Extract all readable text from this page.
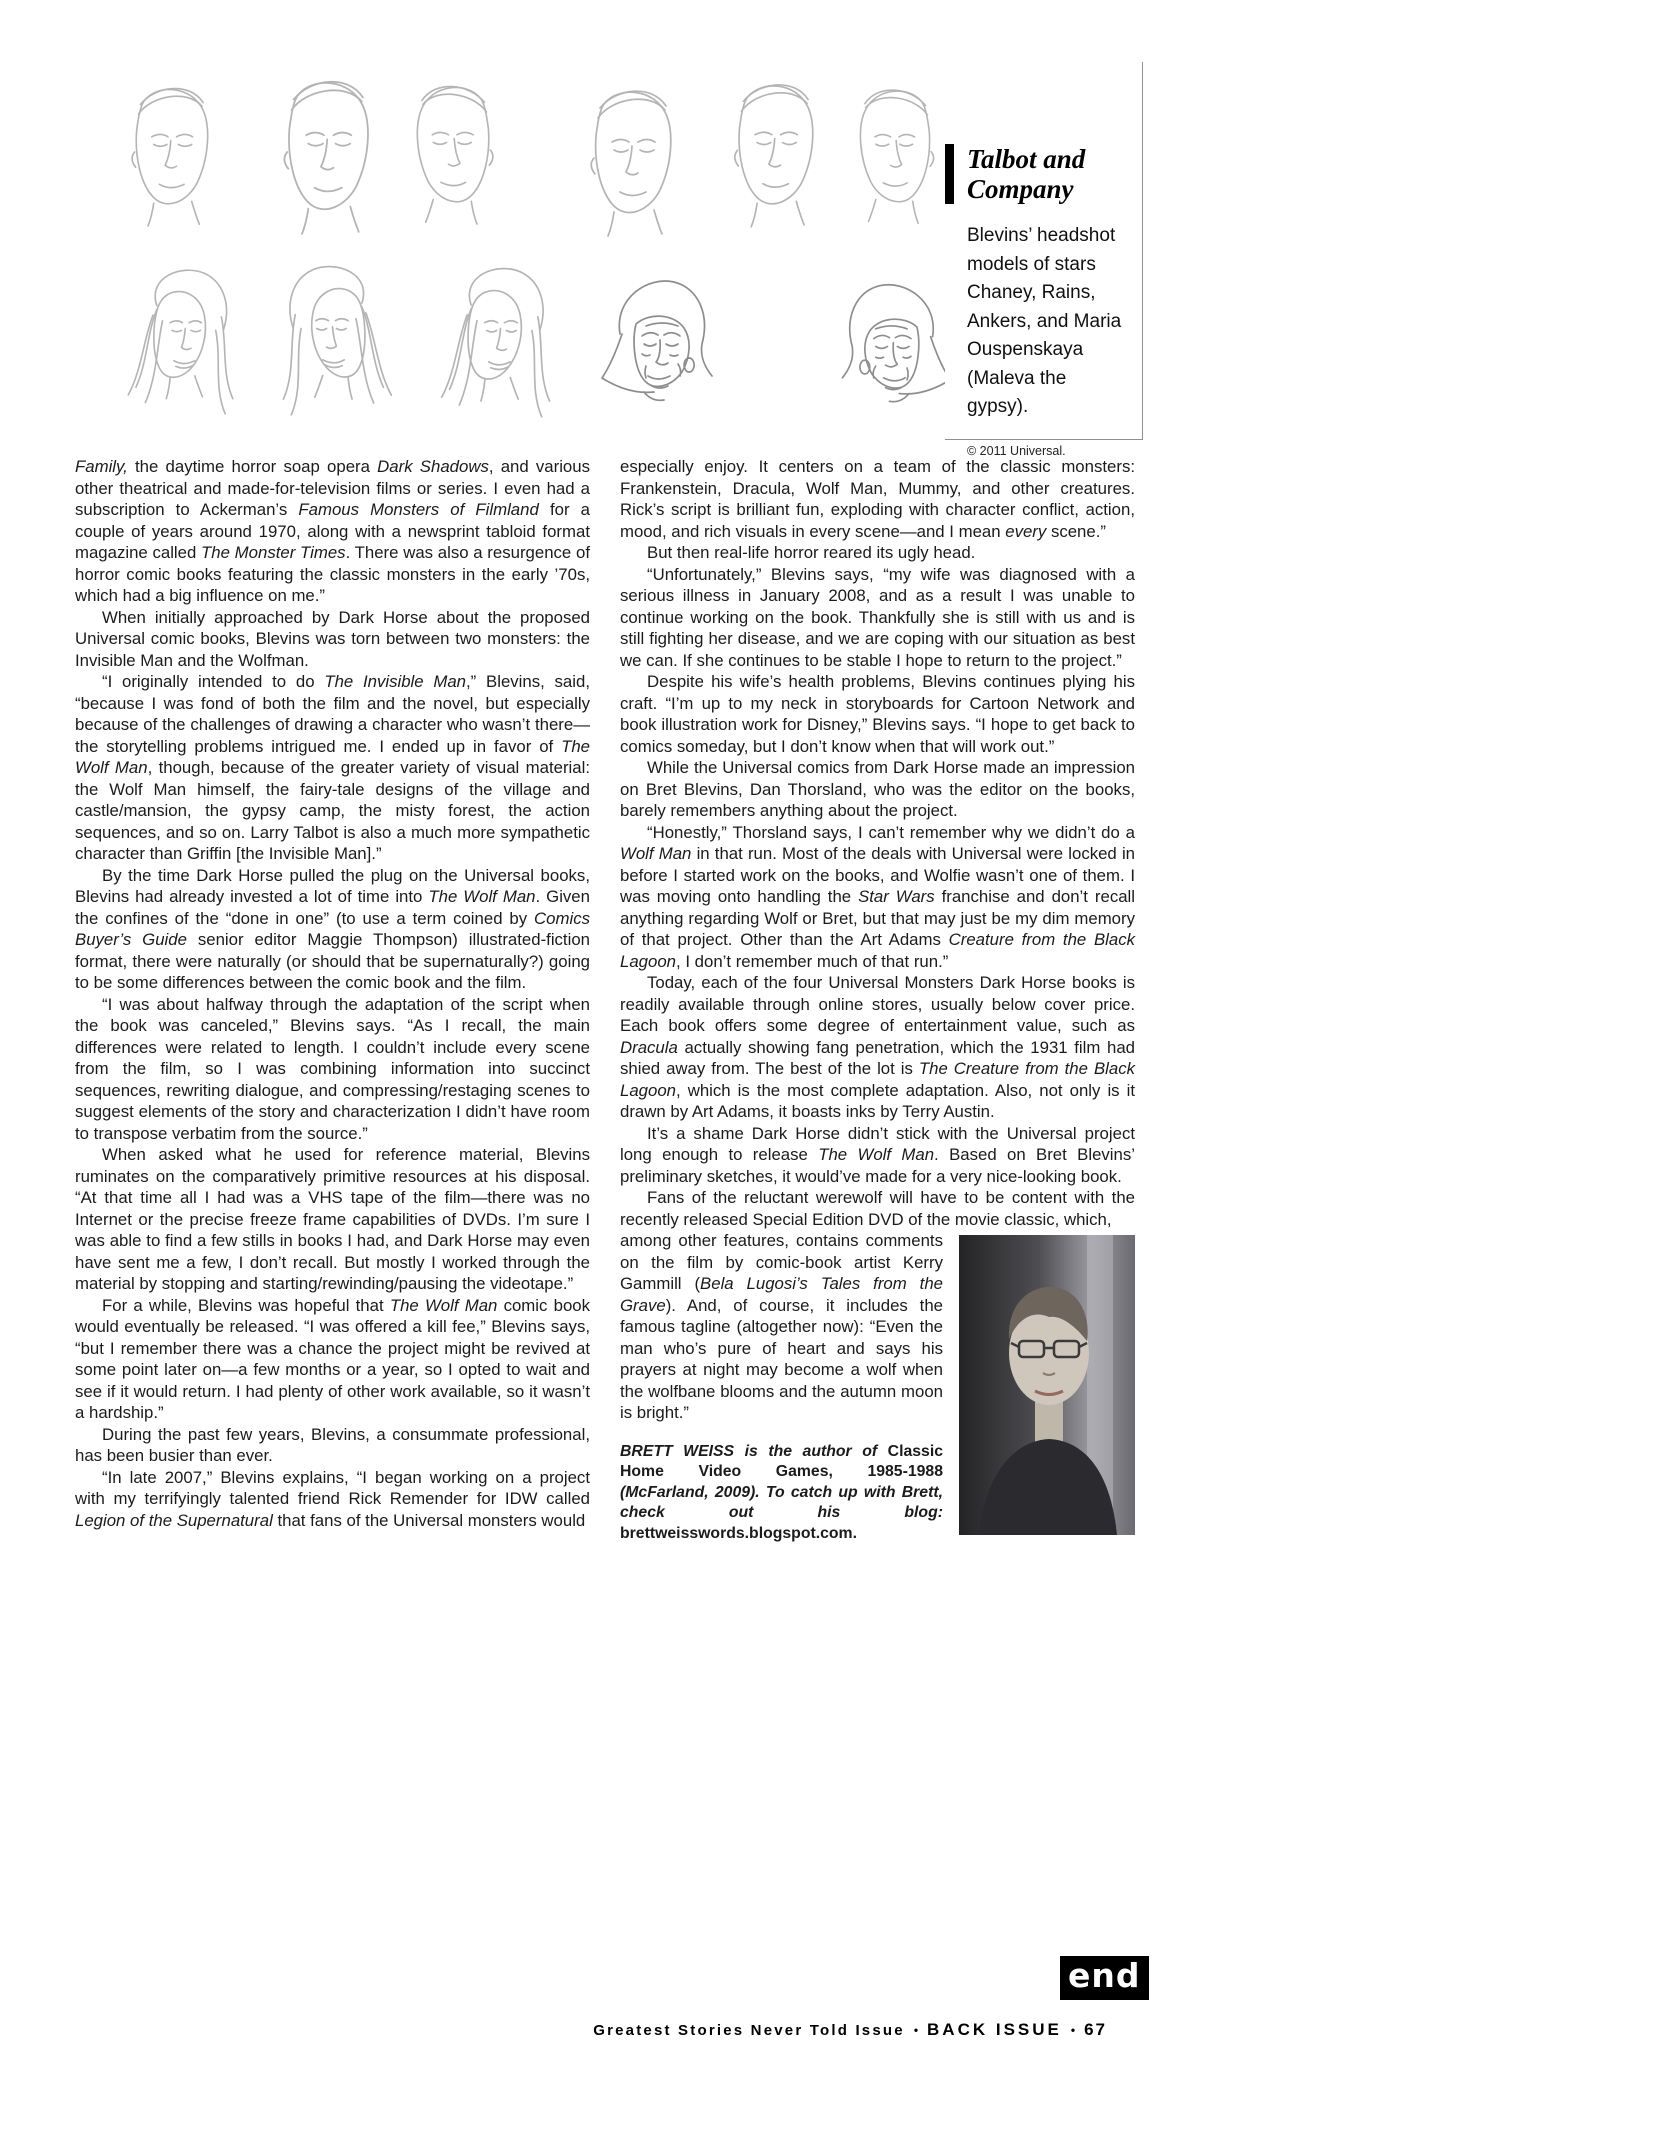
Talbot and Company

Blevins’ headshot models of stars Chaney, Rains, Ankers, and Maria Ouspenskaya (Maleva the gypsy).

© 2011 Universal.

Family, the daytime horror soap opera Dark Shadows, and various other theatrical and made-for-television films or series. I even had a subscription to Ackerman’s Famous Monsters of Filmland for a couple of years around 1970, along with a newsprint tabloid format magazine called The Monster Times. There was also a resurgence of horror comic books featuring the classic monsters in the early ’70s, which had a big influence on me.”

When initially approached by Dark Horse about the proposed Universal comic books, Blevins was torn between two monsters: the Invisible Man and the Wolfman.

“I originally intended to do The Invisible Man,” Blevins, said, “because I was fond of both the film and the novel, but especially because of the challenges of drawing a character who wasn’t there—the storytelling problems intrigued me. I ended up in favor of The Wolf Man, though, because of the greater variety of visual material: the Wolf Man himself, the fairy-tale designs of the village and castle/mansion, the gypsy camp, the misty forest, the action sequences, and so on. Larry Talbot is also a much more sympathetic character than Griffin [the Invisible Man].”

By the time Dark Horse pulled the plug on the Universal books, Blevins had already invested a lot of time into The Wolf Man. Given the confines of the “done in one” (to use a term coined by Comics Buyer’s Guide senior editor Maggie Thompson) illustrated-fiction format, there were naturally (or should that be supernaturally?) going to be some differences between the comic book and the film.

“I was about halfway through the adaptation of the script when the book was canceled,” Blevins says. “As I recall, the main differences were related to length. I couldn’t include every scene from the film, so I was combining information into succinct sequences, rewriting dialogue, and compressing/restaging scenes to suggest elements of the story and characterization I didn’t have room to transpose verbatim from the source.”

When asked what he used for reference material, Blevins ruminates on the comparatively primitive resources at his disposal. “At that time all I had was a VHS tape of the film—there was no Internet or the precise freeze frame capabilities of DVDs. I’m sure I was able to find a few stills in books I had, and Dark Horse may even have sent me a few, I don’t recall. But mostly I worked through the material by stopping and starting/rewinding/pausing the videotape.”

For a while, Blevins was hopeful that The Wolf Man comic book would eventually be released. “I was offered a kill fee,” Blevins says, “but I remember there was a chance the project might be revived at some point later on—a few months or a year, so I opted to wait and see if it would return. I had plenty of other work available, so it wasn’t a hardship.”

During the past few years, Blevins, a consummate professional, has been busier than ever.

“In late 2007,” Blevins explains, “I began working on a project with my terrifyingly talented friend Rick Remender for IDW called Legion of the Supernatural that fans of the Universal monsters would

especially enjoy. It centers on a team of the classic monsters: Frankenstein, Dracula, Wolf Man, Mummy, and other creatures. Rick’s script is brilliant fun, exploding with character conflict, action, mood, and rich visuals in every scene—and I mean every scene.”

But then real-life horror reared its ugly head.

“Unfortunately,” Blevins says, “my wife was diagnosed with a serious illness in January 2008, and as a result I was unable to continue working on the book. Thankfully she is still with us and is still fighting her disease, and we are coping with our situation as best we can. If she continues to be stable I hope to return to the project.”

Despite his wife’s health problems, Blevins continues plying his craft. “I’m up to my neck in storyboards for Cartoon Network and book illustration work for Disney,” Blevins says. “I hope to get back to comics someday, but I don’t know when that will work out.”

While the Universal comics from Dark Horse made an impression on Bret Blevins, Dan Thorsland, who was the editor on the books, barely remembers anything about the project.

“Honestly,” Thorsland says, I can’t remember why we didn’t do a Wolf Man in that run. Most of the deals with Universal were locked in before I started work on the books, and Wolfie wasn’t one of them. I was moving onto handling the Star Wars franchise and don’t recall anything regarding Wolf or Bret, but that may just be my dim memory of that project. Other than the Art Adams Creature from the Black Lagoon, I don’t remember much of that run.”

Today, each of the four Universal Monsters Dark Horse books is readily available through online stores, usually below cover price. Each book offers some degree of entertainment value, such as Dracula actually showing fang penetration, which the 1931 film had shied away from. The best of the lot is The Creature from the Black Lagoon, which is the most complete adaptation. Also, not only is it drawn by Art Adams, it boasts inks by Terry Austin.

It’s a shame Dark Horse didn’t stick with the Universal project long enough to release The Wolf Man. Based on Bret Blevins’ preliminary sketches, it would’ve made for a very nice-looking book.

Fans of the reluctant werewolf will have to be content with the recently released Special Edition DVD of the movie classic, which,

among other features, contains comments on the film by comic-book artist Kerry Gammill (Bela Lugosi’s Tales from the Grave). And, of course, it includes the famous tagline (altogether now): “Even the man who’s pure of heart and says his prayers at night may become a wolf when the wolfbane blooms and the autumn moon is bright.”

BRETT WEISS is the author of Classic Home Video Games, 1985-1988 (McFarland, 2009). To catch up with Brett, check out his blog: brettweisswords.blogspot.com.

end
Greatest Stories Never Told Issue • BACK ISSUE • 67
